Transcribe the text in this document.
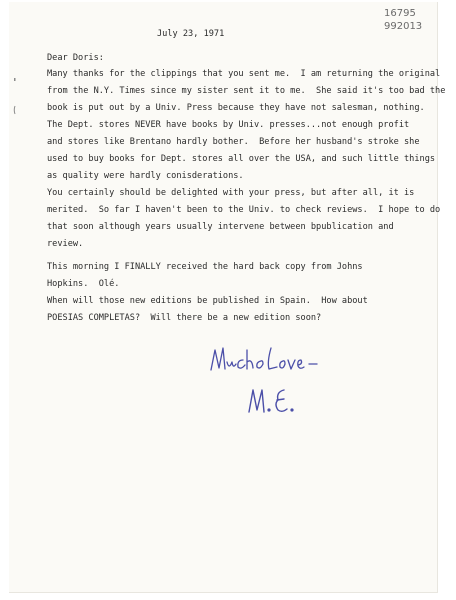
16795
992013
July 23, 1971
Dear Doris:
Many thanks for the clippings that you sent me.  I am returning the original
from the N.Y. Times since my sister sent it to me.  She said it's too bad the
book is put out by a Univ. Press because they have not salesman, nothing.
The Dept. stores NEVER have books by Univ. presses...not enough profit
and stores like Brentano hardly bother.  Before her husband's stroke she
used to buy books for Dept. stores all over the USA, and such little things
as quality were hardly conisderations.
You certainly should be delighted with your press, but after all, it is
merited.  So far I haven't been to the Univ. to check reviews.  I hope to do
that soon although years usually intervene between bpublication and
review.
This morning I FINALLY received the hard back copy from Johns
Hopkins.  Olé.
When will those new editions be published in Spain.  How about
POESIAS COMPLETAS?  Will there be a new edition soon?
